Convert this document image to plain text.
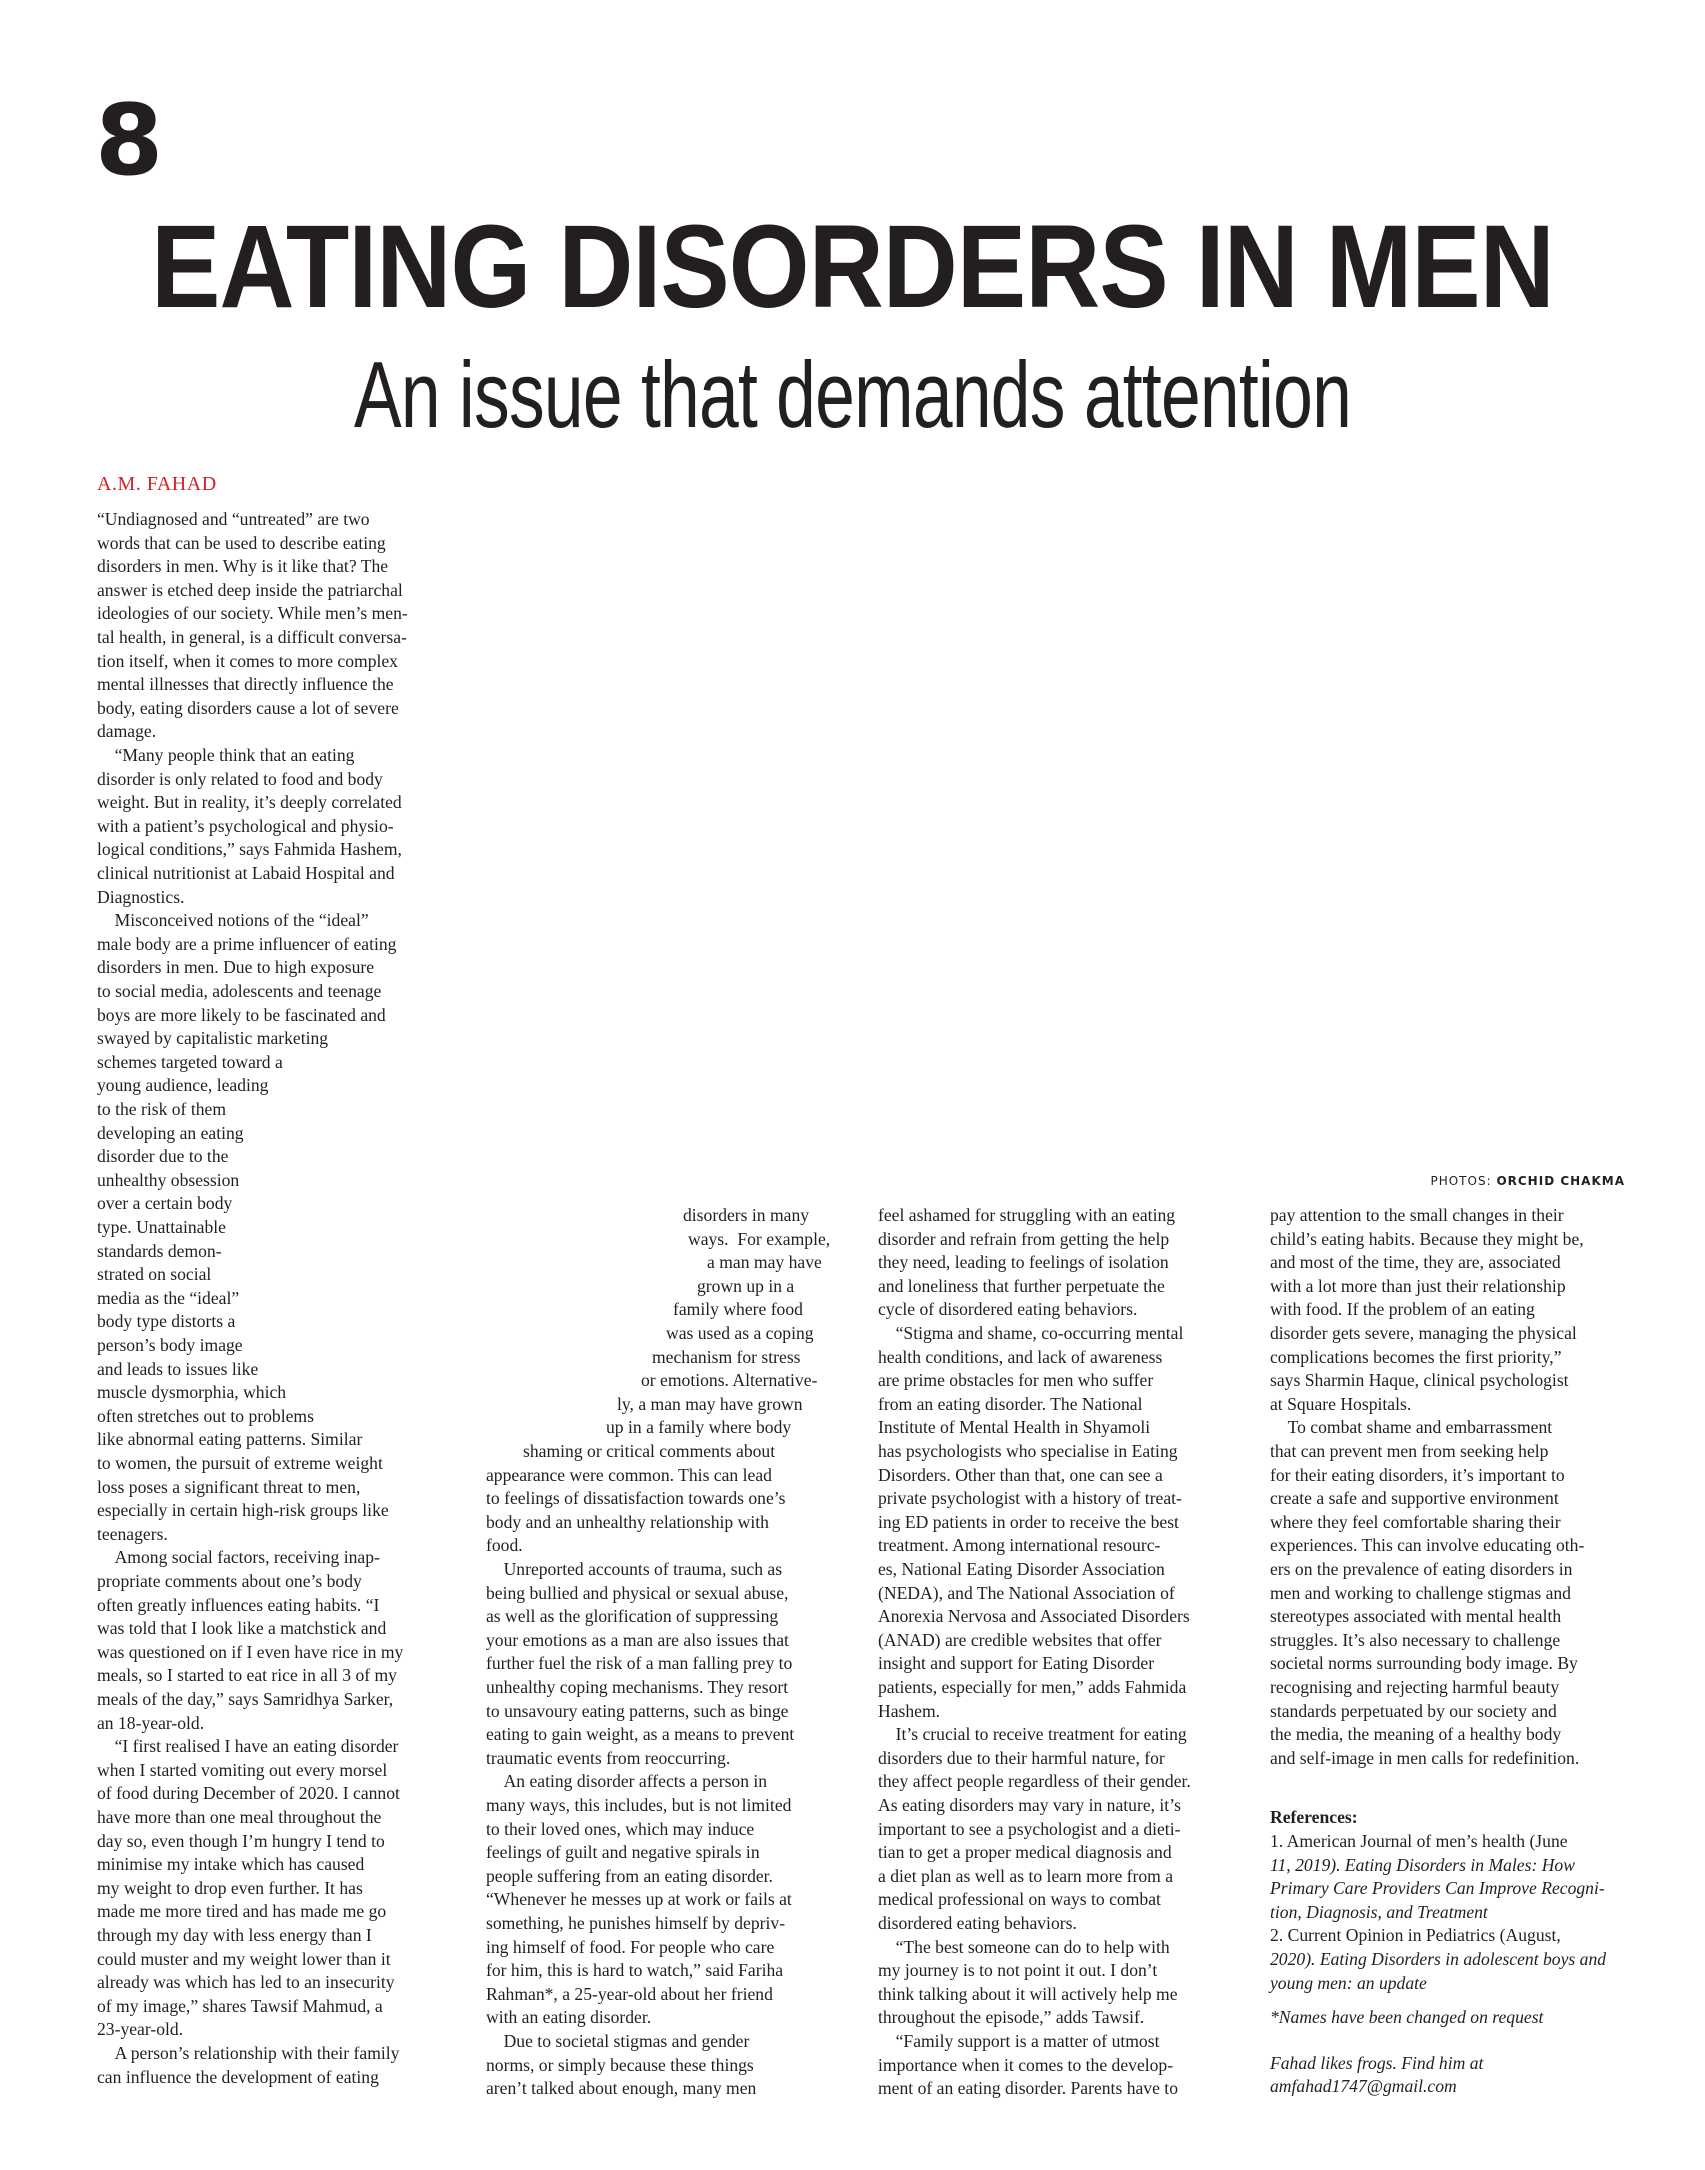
8
EATING DISORDERS IN MEN
An issue that demands attention
A.M. FAHAD
PHOTOS: ORCHID CHAKMA
“Undiagnosed and “untreated” are two
words that can be used to describe eating
disorders in men. Why is it like that? The
answer is etched deep inside the patriarchal
ideologies of our society. While men’s men-
tal health, in general, is a difficult conversa-
tion itself, when it comes to more complex
mental illnesses that directly influence the
body, eating disorders cause a lot of severe
damage.
“Many people think that an eating
disorder is only related to food and body
weight. But in reality, it’s deeply correlated
with a patient’s psychological and physio-
logical conditions,” says Fahmida Hashem,
clinical nutritionist at Labaid Hospital and
Diagnostics.
Misconceived notions of the “ideal”
male body are a prime influencer of eating
disorders in men. Due to high exposure
to social media, adolescents and teenage
boys are more likely to be fascinated and
swayed by capitalistic marketing
schemes targeted toward a
young audience, leading
to the risk of them
developing an eating
disorder due to the
unhealthy obsession
over a certain body
type. Unattainable
standards demon-
strated on social
media as the “ideal”
body type distorts a
person’s body image
and leads to issues like
muscle dysmorphia, which
often stretches out to problems
like abnormal eating patterns. Similar
to women, the pursuit of extreme weight
loss poses a significant threat to men,
especially in certain high-risk groups like
teenagers.
Among social factors, receiving inap-
propriate comments about one’s body
often greatly influences eating habits. “I
was told that I look like a matchstick and
was questioned on if I even have rice in my
meals, so I started to eat rice in all 3 of my
meals of the day,” says Samridhya Sarker,
an 18-year-old.
“I first realised I have an eating disorder
when I started vomiting out every morsel
of food during December of 2020. I cannot
have more than one meal throughout the
day so, even though I’m hungry I tend to
minimise my intake which has caused
my weight to drop even further. It has
made me more tired and has made me go
through my day with less energy than I
could muster and my weight lower than it
already was which has led to an insecurity
of my image,” shares Tawsif Mahmud, a
23-year-old.
A person’s relationship with their family
can influence the development of eating
disorders in many
ways.  For example,
a man may have
grown up in a
family where food
was used as a coping
mechanism for stress
or emotions. Alternative-
ly, a man may have grown
up in a family where body
shaming or critical comments about
appearance were common. This can lead
to feelings of dissatisfaction towards one’s
body and an unhealthy relationship with
food.
Unreported accounts of trauma, such as
being bullied and physical or sexual abuse,
as well as the glorification of suppressing
your emotions as a man are also issues that
further fuel the risk of a man falling prey to
unhealthy coping mechanisms. They resort
to unsavoury eating patterns, such as binge
eating to gain weight, as a means to prevent
traumatic events from reoccurring.
An eating disorder affects a person in
many ways, this includes, but is not limited
to their loved ones, which may induce
feelings of guilt and negative spirals in
people suffering from an eating disorder.
“Whenever he messes up at work or fails at
something, he punishes himself by depriv-
ing himself of food. For people who care
for him, this is hard to watch,” said Fariha
Rahman*, a 25-year-old about her friend
with an eating disorder.
Due to societal stigmas and gender
norms, or simply because these things
aren’t talked about enough, many men
feel ashamed for struggling with an eating
disorder and refrain from getting the help
they need, leading to feelings of isolation
and loneliness that further perpetuate the
cycle of disordered eating behaviors.
“Stigma and shame, co-occurring mental
health conditions, and lack of awareness
are prime obstacles for men who suffer
from an eating disorder. The National
Institute of Mental Health in Shyamoli
has psychologists who specialise in Eating
Disorders. Other than that, one can see a
private psychologist with a history of treat-
ing ED patients in order to receive the best
treatment. Among international resourc-
es, National Eating Disorder Association
(NEDA), and The National Association of
Anorexia Nervosa and Associated Disorders
(ANAD) are credible websites that offer
insight and support for Eating Disorder
patients, especially for men,” adds Fahmida
Hashem.
It’s crucial to receive treatment for eating
disorders due to their harmful nature, for
they affect people regardless of their gender.
As eating disorders may vary in nature, it’s
important to see a psychologist and a dieti-
tian to get a proper medical diagnosis and
a diet plan as well as to learn more from a
medical professional on ways to combat
disordered eating behaviors.
“The best someone can do to help with
my journey is to not point it out. I don’t
think talking about it will actively help me
throughout the episode,” adds Tawsif.
“Family support is a matter of utmost
importance when it comes to the develop-
ment of an eating disorder. Parents have to
pay attention to the small changes in their
child’s eating habits. Because they might be,
and most of the time, they are, associated
with a lot more than just their relationship
with food. If the problem of an eating
disorder gets severe, managing the physical
complications becomes the first priority,”
says Sharmin Haque, clinical psychologist
at Square Hospitals.
To combat shame and embarrassment
that can prevent men from seeking help
for their eating disorders, it’s important to
create a safe and supportive environment
where they feel comfortable sharing their
experiences. This can involve educating oth-
ers on the prevalence of eating disorders in
men and working to challenge stigmas and
stereotypes associated with mental health
struggles. It’s also necessary to challenge
societal norms surrounding body image. By
recognising and rejecting harmful beauty
standards perpetuated by our society and
the media, the meaning of a healthy body
and self-image in men calls for redefinition.
References:
1. American Journal of men’s health (June
11, 2019). Eating Disorders in Males: How
Primary Care Providers Can Improve Recogni-
tion, Diagnosis, and Treatment
2. Current Opinion in Pediatrics (August,
2020). Eating Disorders in adolescent boys and
young men: an update
*Names have been changed on request
Fahad likes frogs. Find him at
amfahad1747@gmail.com
